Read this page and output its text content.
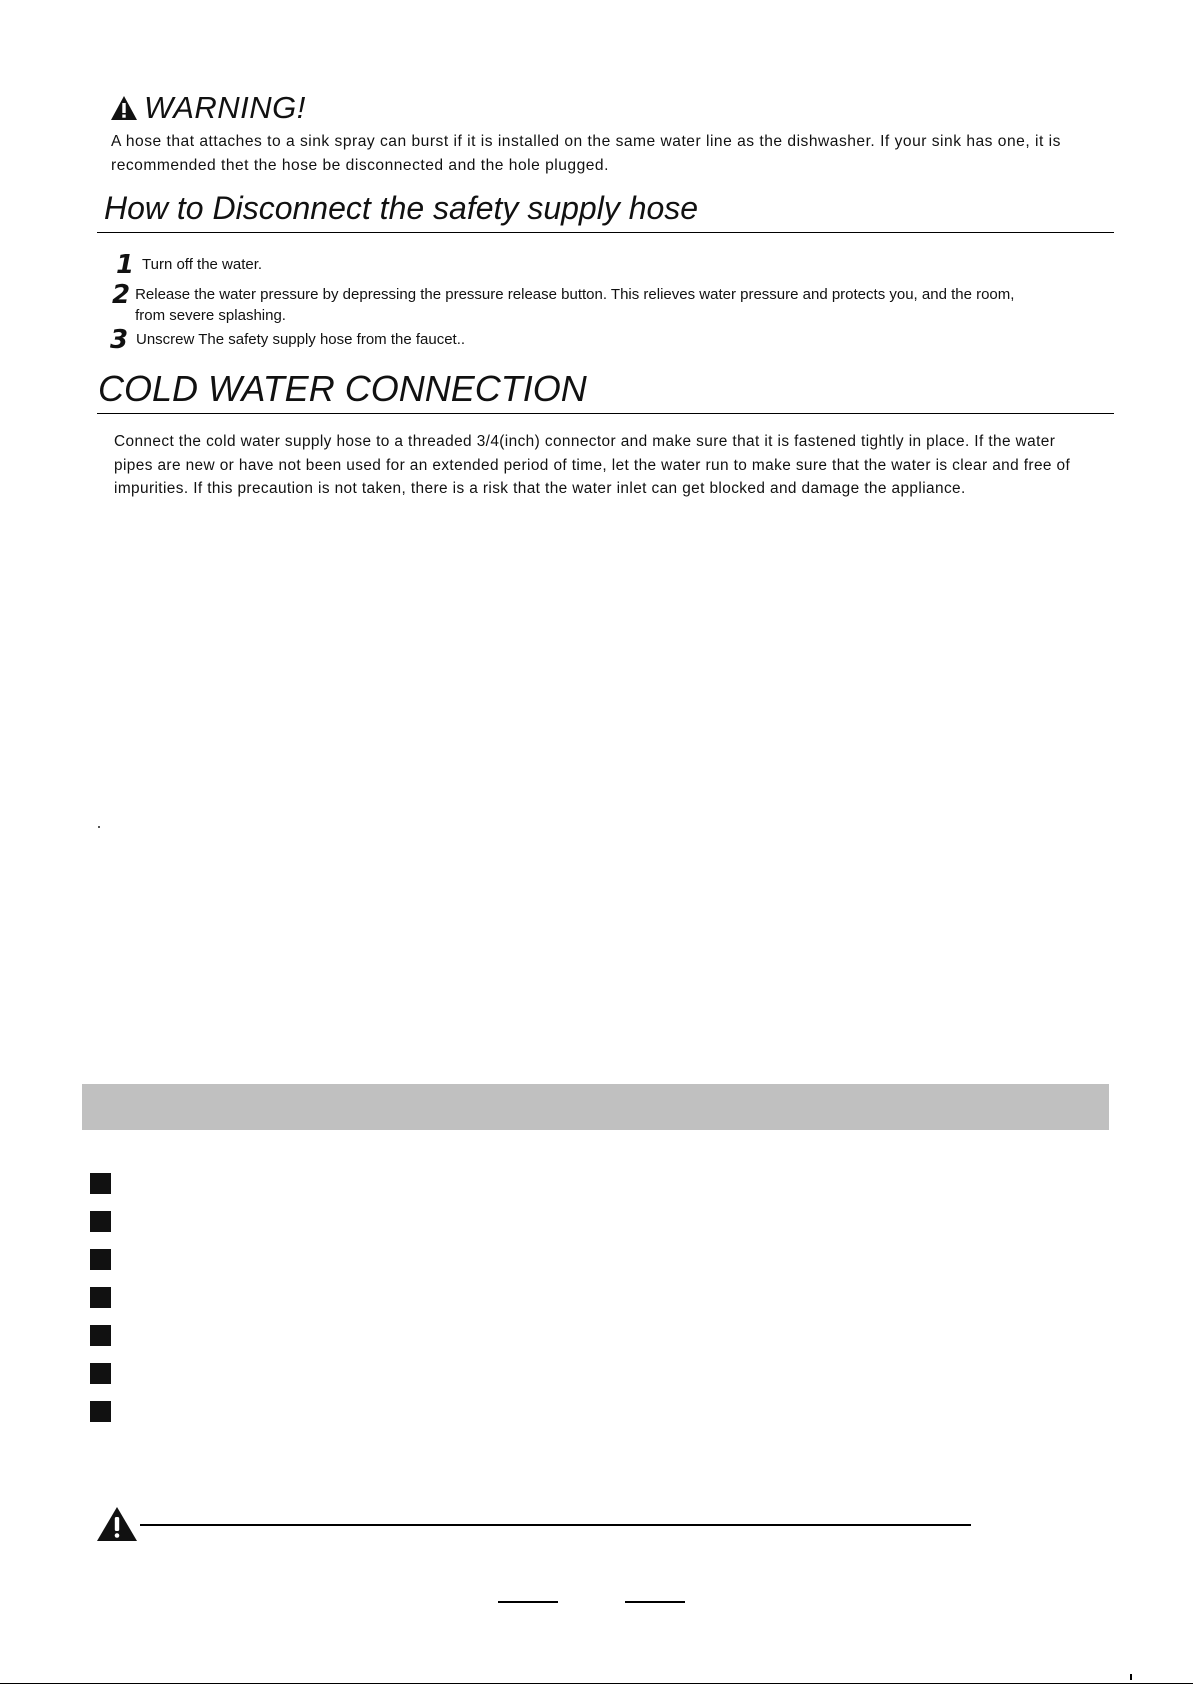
WARNING!
A hose that attaches to a sink spray can burst if it is installed on the same water line as the dishwasher. If your sink has one, it is recommended thet the hose be disconnected and the hole plugged.
How to Disconnect the safety supply hose
1 Turn off the water.
2 Release the water pressure by depressing the pressure release button. This relieves water pressure and protects you, and the room, from severe splashing.
3 Unscrew The safety supply hose from the faucet..
COLD WATER CONNECTION
Connect the cold water supply hose to a threaded 3/4(inch) connector and make sure that it is fastened tightly in place. If the water pipes are new or have not been used for an extended period of time, let the water run to make sure that the water is clear and free of impurities. If this precaution is not taken, there is a risk that the water inlet can get blocked and damage the appliance.
